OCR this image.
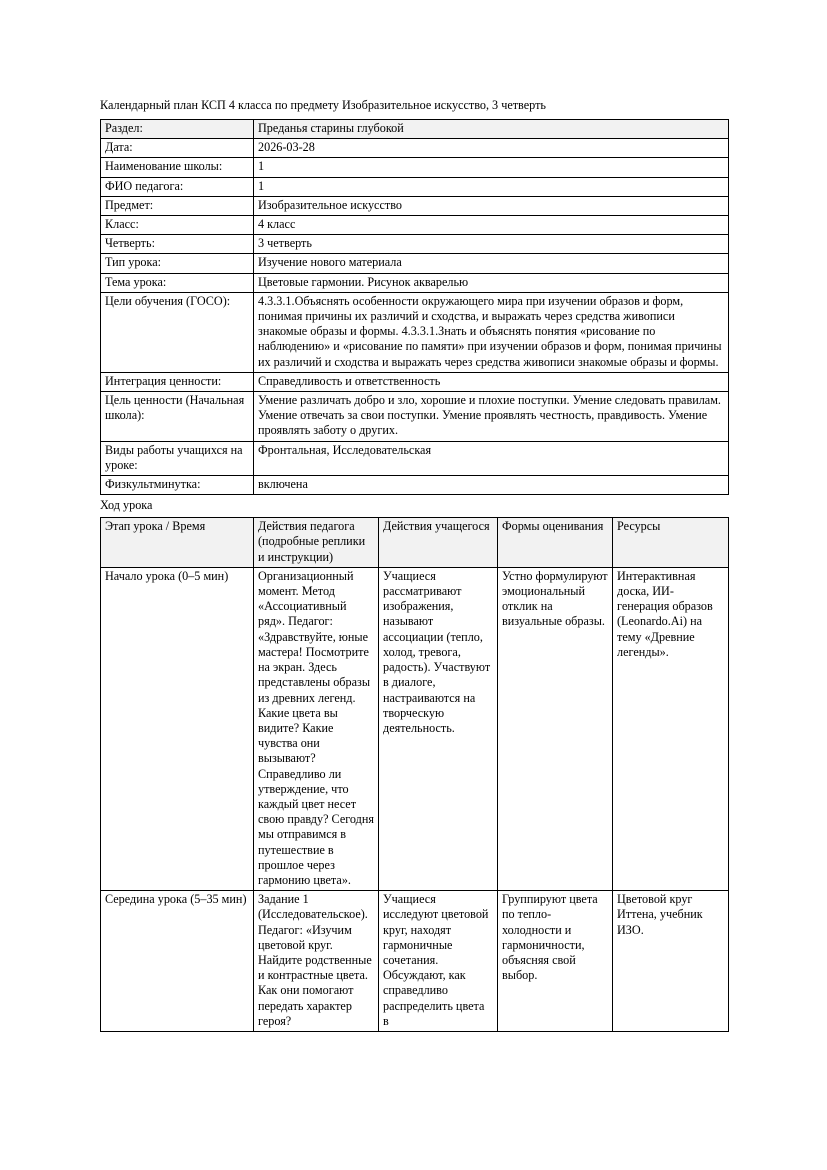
Календарный план КСП 4 класса по предмету Изобразительное искусство, 3 четверть

Раздел:	Преданья старины глубокой
Дата:	2026-03-28
Наименование школы:	1
ФИО педагога:	1
Предмет:	Изобразительное искусство
Класс:	4 класс
Четверть:	3 четверть
Тип урока:	Изучение нового материала
Тема урока:	Цветовые гармонии. Рисунок акварелью
Цели обучения (ГОСО):	4.3.3.1.Объяснять особенности окружающего мира при изучении образов и форм, понимая причины их различий и сходства, и выражать через средства живописи знакомые образы и формы. 4.3.3.1.Знать и объяснять понятия «рисование по наблюдению» и «рисование по памяти» при изучении образов и форм, понимая причины их различий и сходства и выражать через средства живописи знакомые образы и формы.
Интеграция ценности:	Справедливость и ответственность
Цель ценности (Начальная школа):	Умение различать добро и зло, хорошие и плохие поступки. Умение следовать правилам. Умение отвечать за свои поступки. Умение проявлять честность, правдивость. Умение проявлять заботу о других.
Виды работы учащихся на уроке:	Фронтальная, Исследовательская
Физкультминутка:	включена

Ход урока

Этап урока / Время	Действия педагога (подробные реплики и инструкции)	Действия учащегося	Формы оценивания	Ресурсы
Начало урока (0–5 мин)	Организационный момент. Метод «Ассоциативный ряд». Педагог: «Здравствуйте, юные мастера! Посмотрите на экран. Здесь представлены образы из древних легенд. Какие цвета вы видите? Какие чувства они вызывают? Справедливо ли утверждение, что каждый цвет несет свою правду? Сегодня мы отправимся в путешествие в прошлое через гармонию цвета».	Учащиеся рассматривают изображения, называют ассоциации (тепло, холод, тревога, радость). Участвуют в диалоге, настраиваются на творческую деятельность.	Устно формулируют эмоциональный отклик на визуальные образы.	Интерактивная доска, ИИ-генерация образов (Leonardo.Ai) на тему «Древние легенды».
Середина урока (5–35 мин)	Задание 1 (Исследовательское). Педагог: «Изучим цветовой круг. Найдите родственные и контрастные цвета. Как они помогают передать характер героя?	Учащиеся исследуют цветовой круг, находят гармоничные сочетания. Обсуждают, как справедливо распределить цвета в	Группируют цвета по тепло-холодности и гармоничности, объясняя свой выбор.	Цветовой круг Иттена, учебник ИЗО.
